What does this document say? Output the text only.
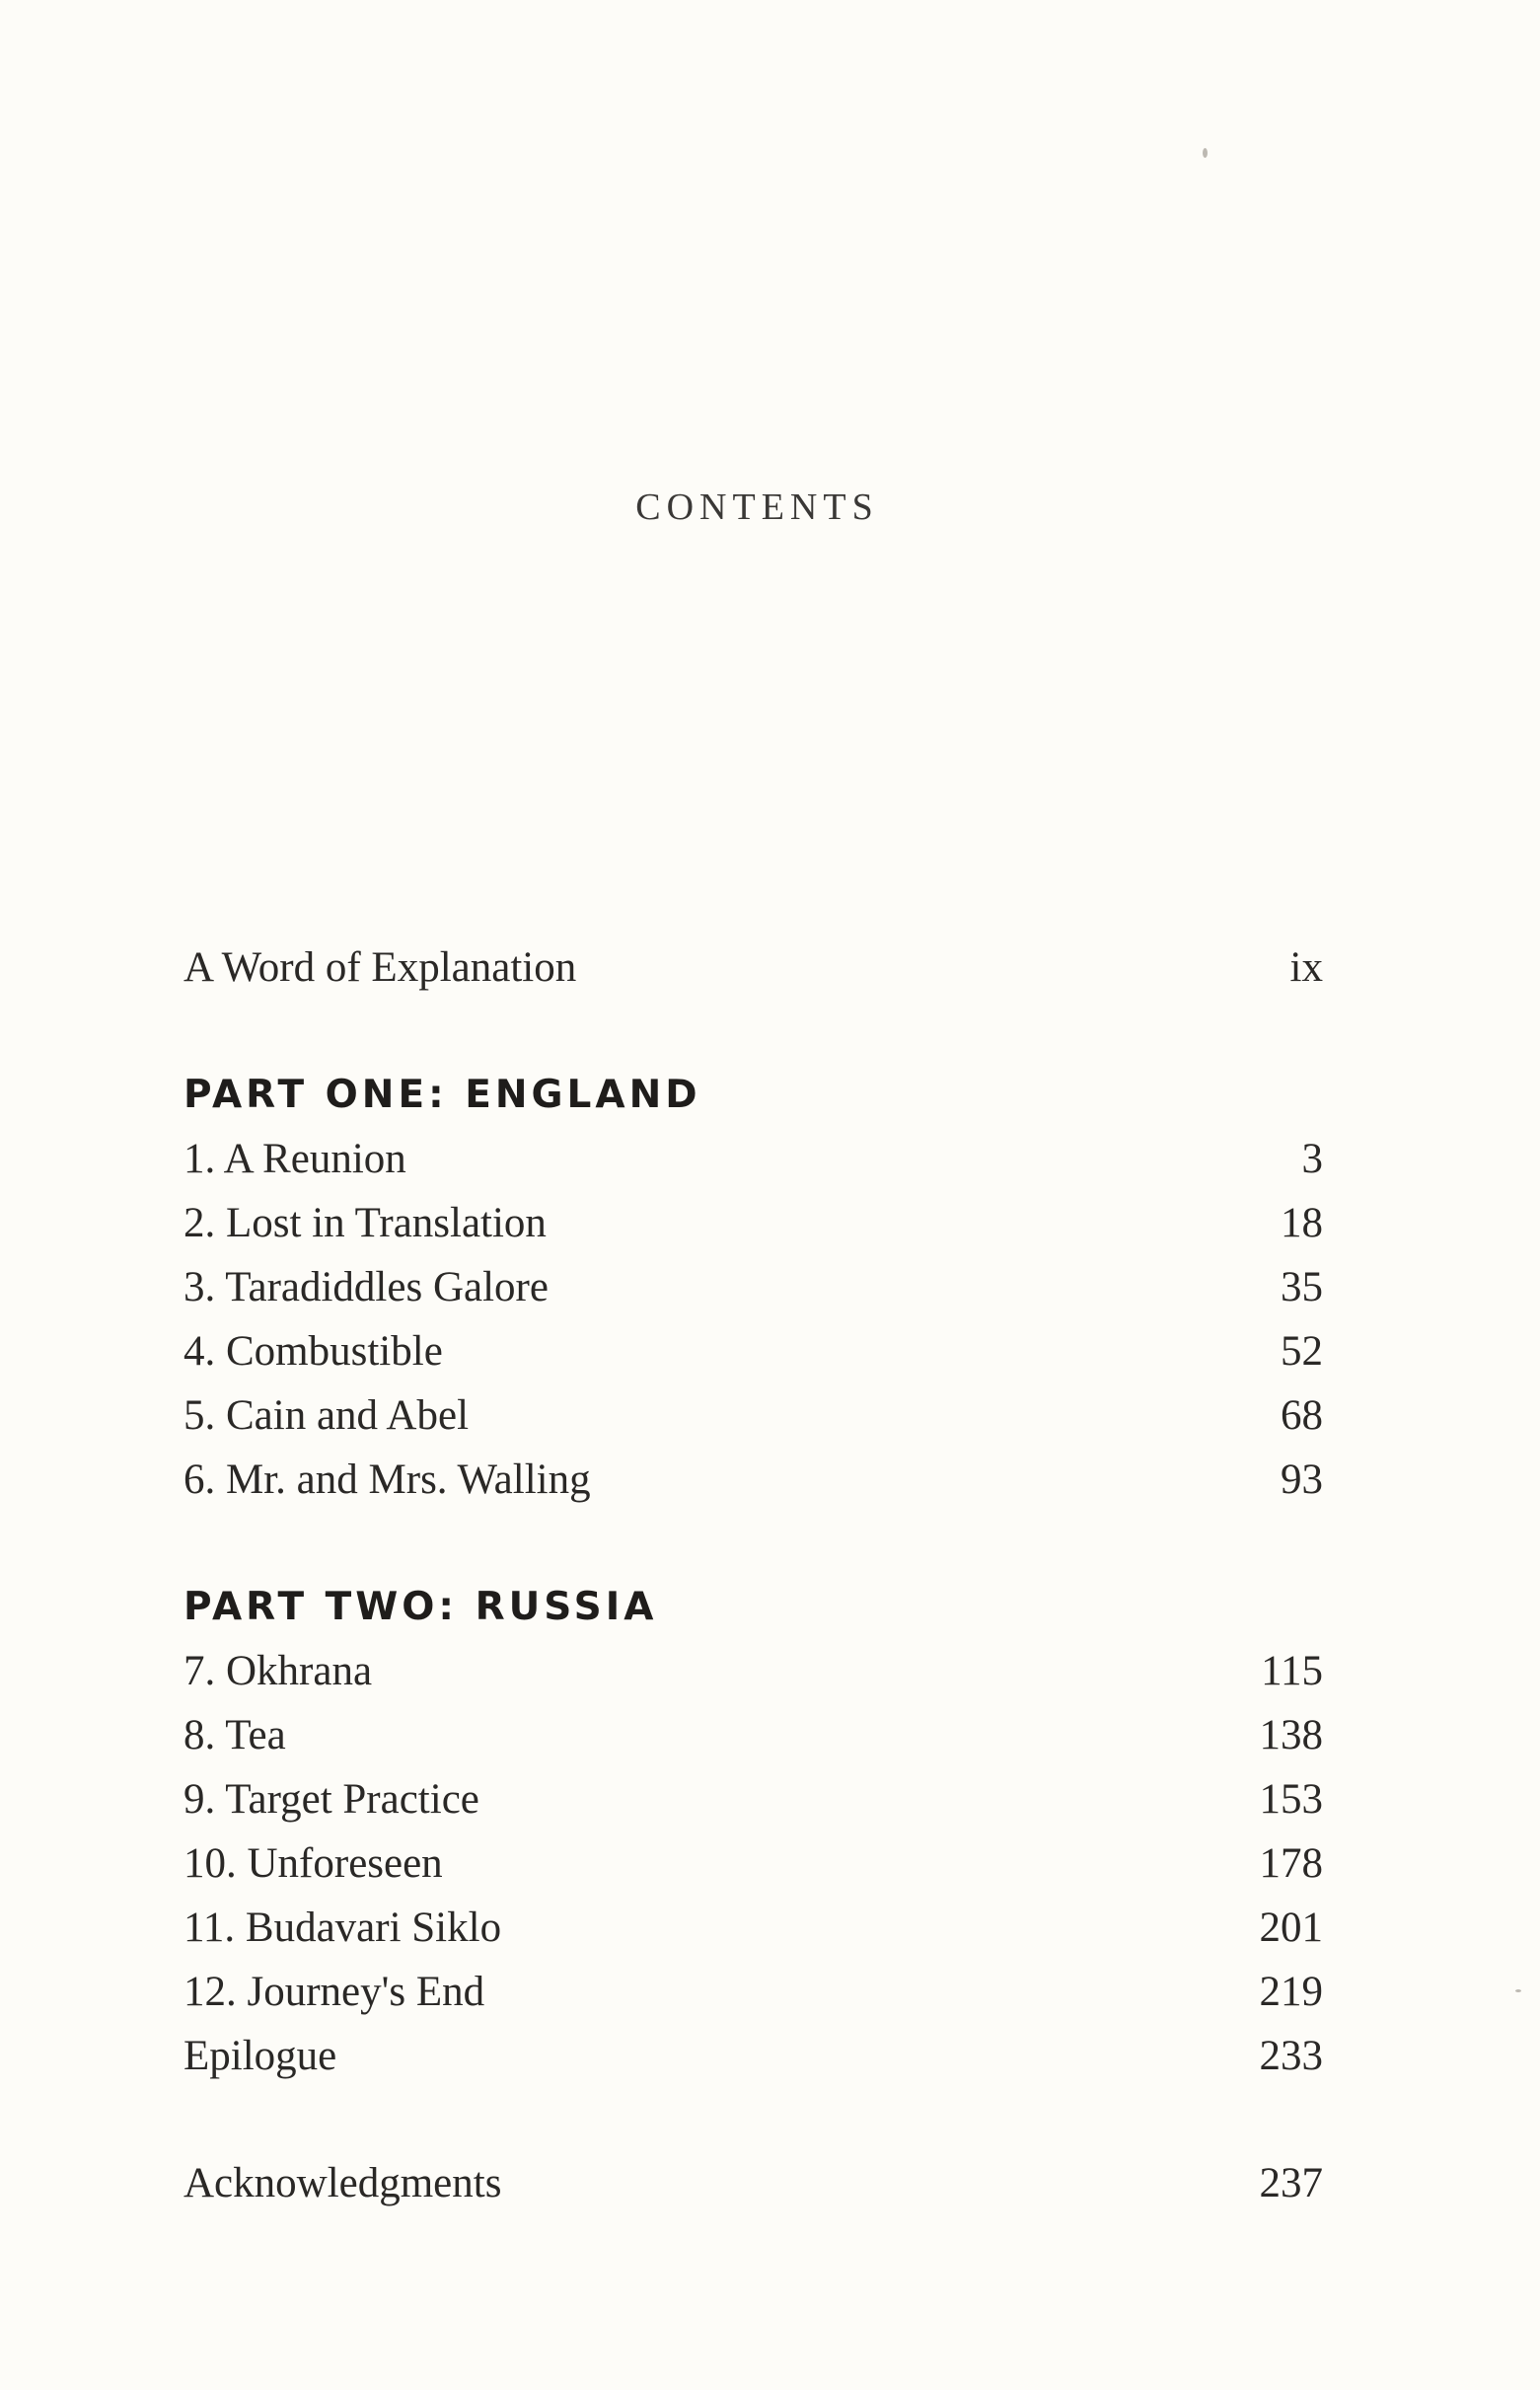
CONTENTS
A Word of Explanation	ix
PART ONE: ENGLAND
1. A Reunion	3
2. Lost in Translation	18
3. Taradiddles Galore	35
4. Combustible	52
5. Cain and Abel	68
6. Mr. and Mrs. Walling	93
PART TWO: RUSSIA
7. Okhrana	115
8. Tea	138
9. Target Practice	153
10. Unforeseen	178
11. Budavari Siklo	201
12. Journey's End	219
Epilogue	233
Acknowledgments	237
